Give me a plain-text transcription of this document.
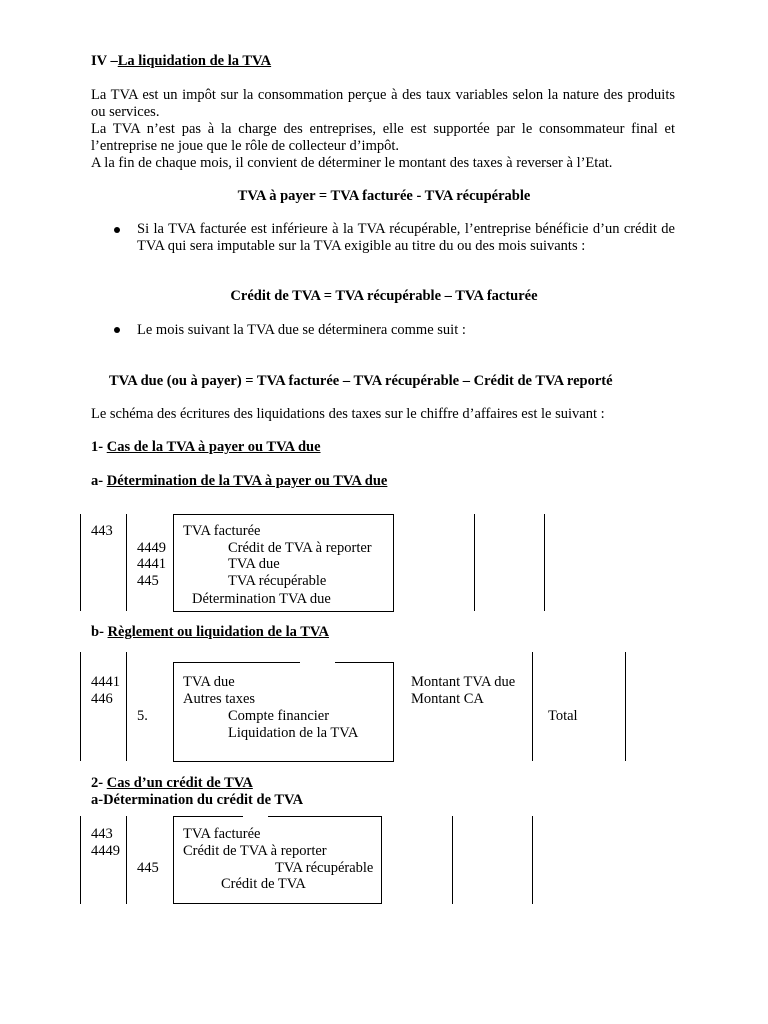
IV –La liquidation de la TVA
La TVA est un impôt sur la consommation perçue à des taux variables selon la nature des produits ou services.
La TVA n’est pas à la charge des entreprises, elle est supportée par le consommateur final et l’entreprise ne joue que le rôle de collecteur d’impôt.
A la fin de chaque mois, il convient de déterminer le montant des taxes à reverser à l’Etat.
TVA à payer = TVA facturée - TVA récupérable
Si la TVA facturée est inférieure à la TVA récupérable, l’entreprise bénéficie d’un crédit de TVA qui sera imputable sur la TVA exigible au titre du ou des mois suivants :
Crédit de TVA = TVA récupérable – TVA facturée
Le mois suivant la TVA due se déterminera comme suit :
TVA due (ou à payer) = TVA facturée – TVA récupérable – Crédit de TVA reporté
Le schéma des écritures des liquidations des taxes sur le chiffre d’affaires est le suivant :
1- Cas de la TVA à payer ou TVA due
a- Détermination de la TVA à payer ou TVA due
443	TVA facturée
4449	Crédit de TVA à reporter
4441	TVA due
445	TVA récupérable
Détermination TVA due
b- Règlement ou liquidation de la TVA
4441	TVA due	Montant TVA due
446	Autres taxes	Montant CA
5.	Compte financier	Total
Liquidation de la TVA
2- Cas d’un crédit de TVA
a-Détermination du crédit de TVA
443	TVA facturée
4449	Crédit de TVA à reporter
445	TVA récupérable
Crédit de TVA
